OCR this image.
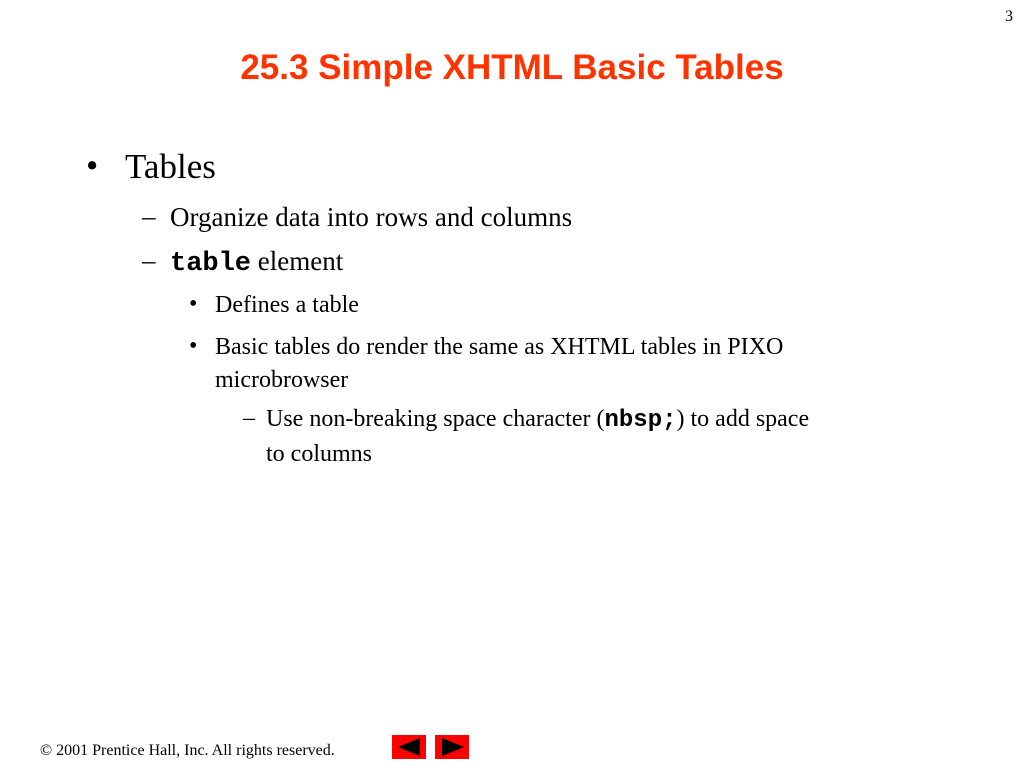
3
25.3 Simple XHTML Basic Tables
• Tables
– Organize data into rows and columns
– table element
• Defines a table
• Basic tables do render the same as XHTML tables in PIXO
microbrowser
– Use non-breaking space character (nbsp;) to add space
to columns
© 2001 Prentice Hall, Inc. All rights reserved.
